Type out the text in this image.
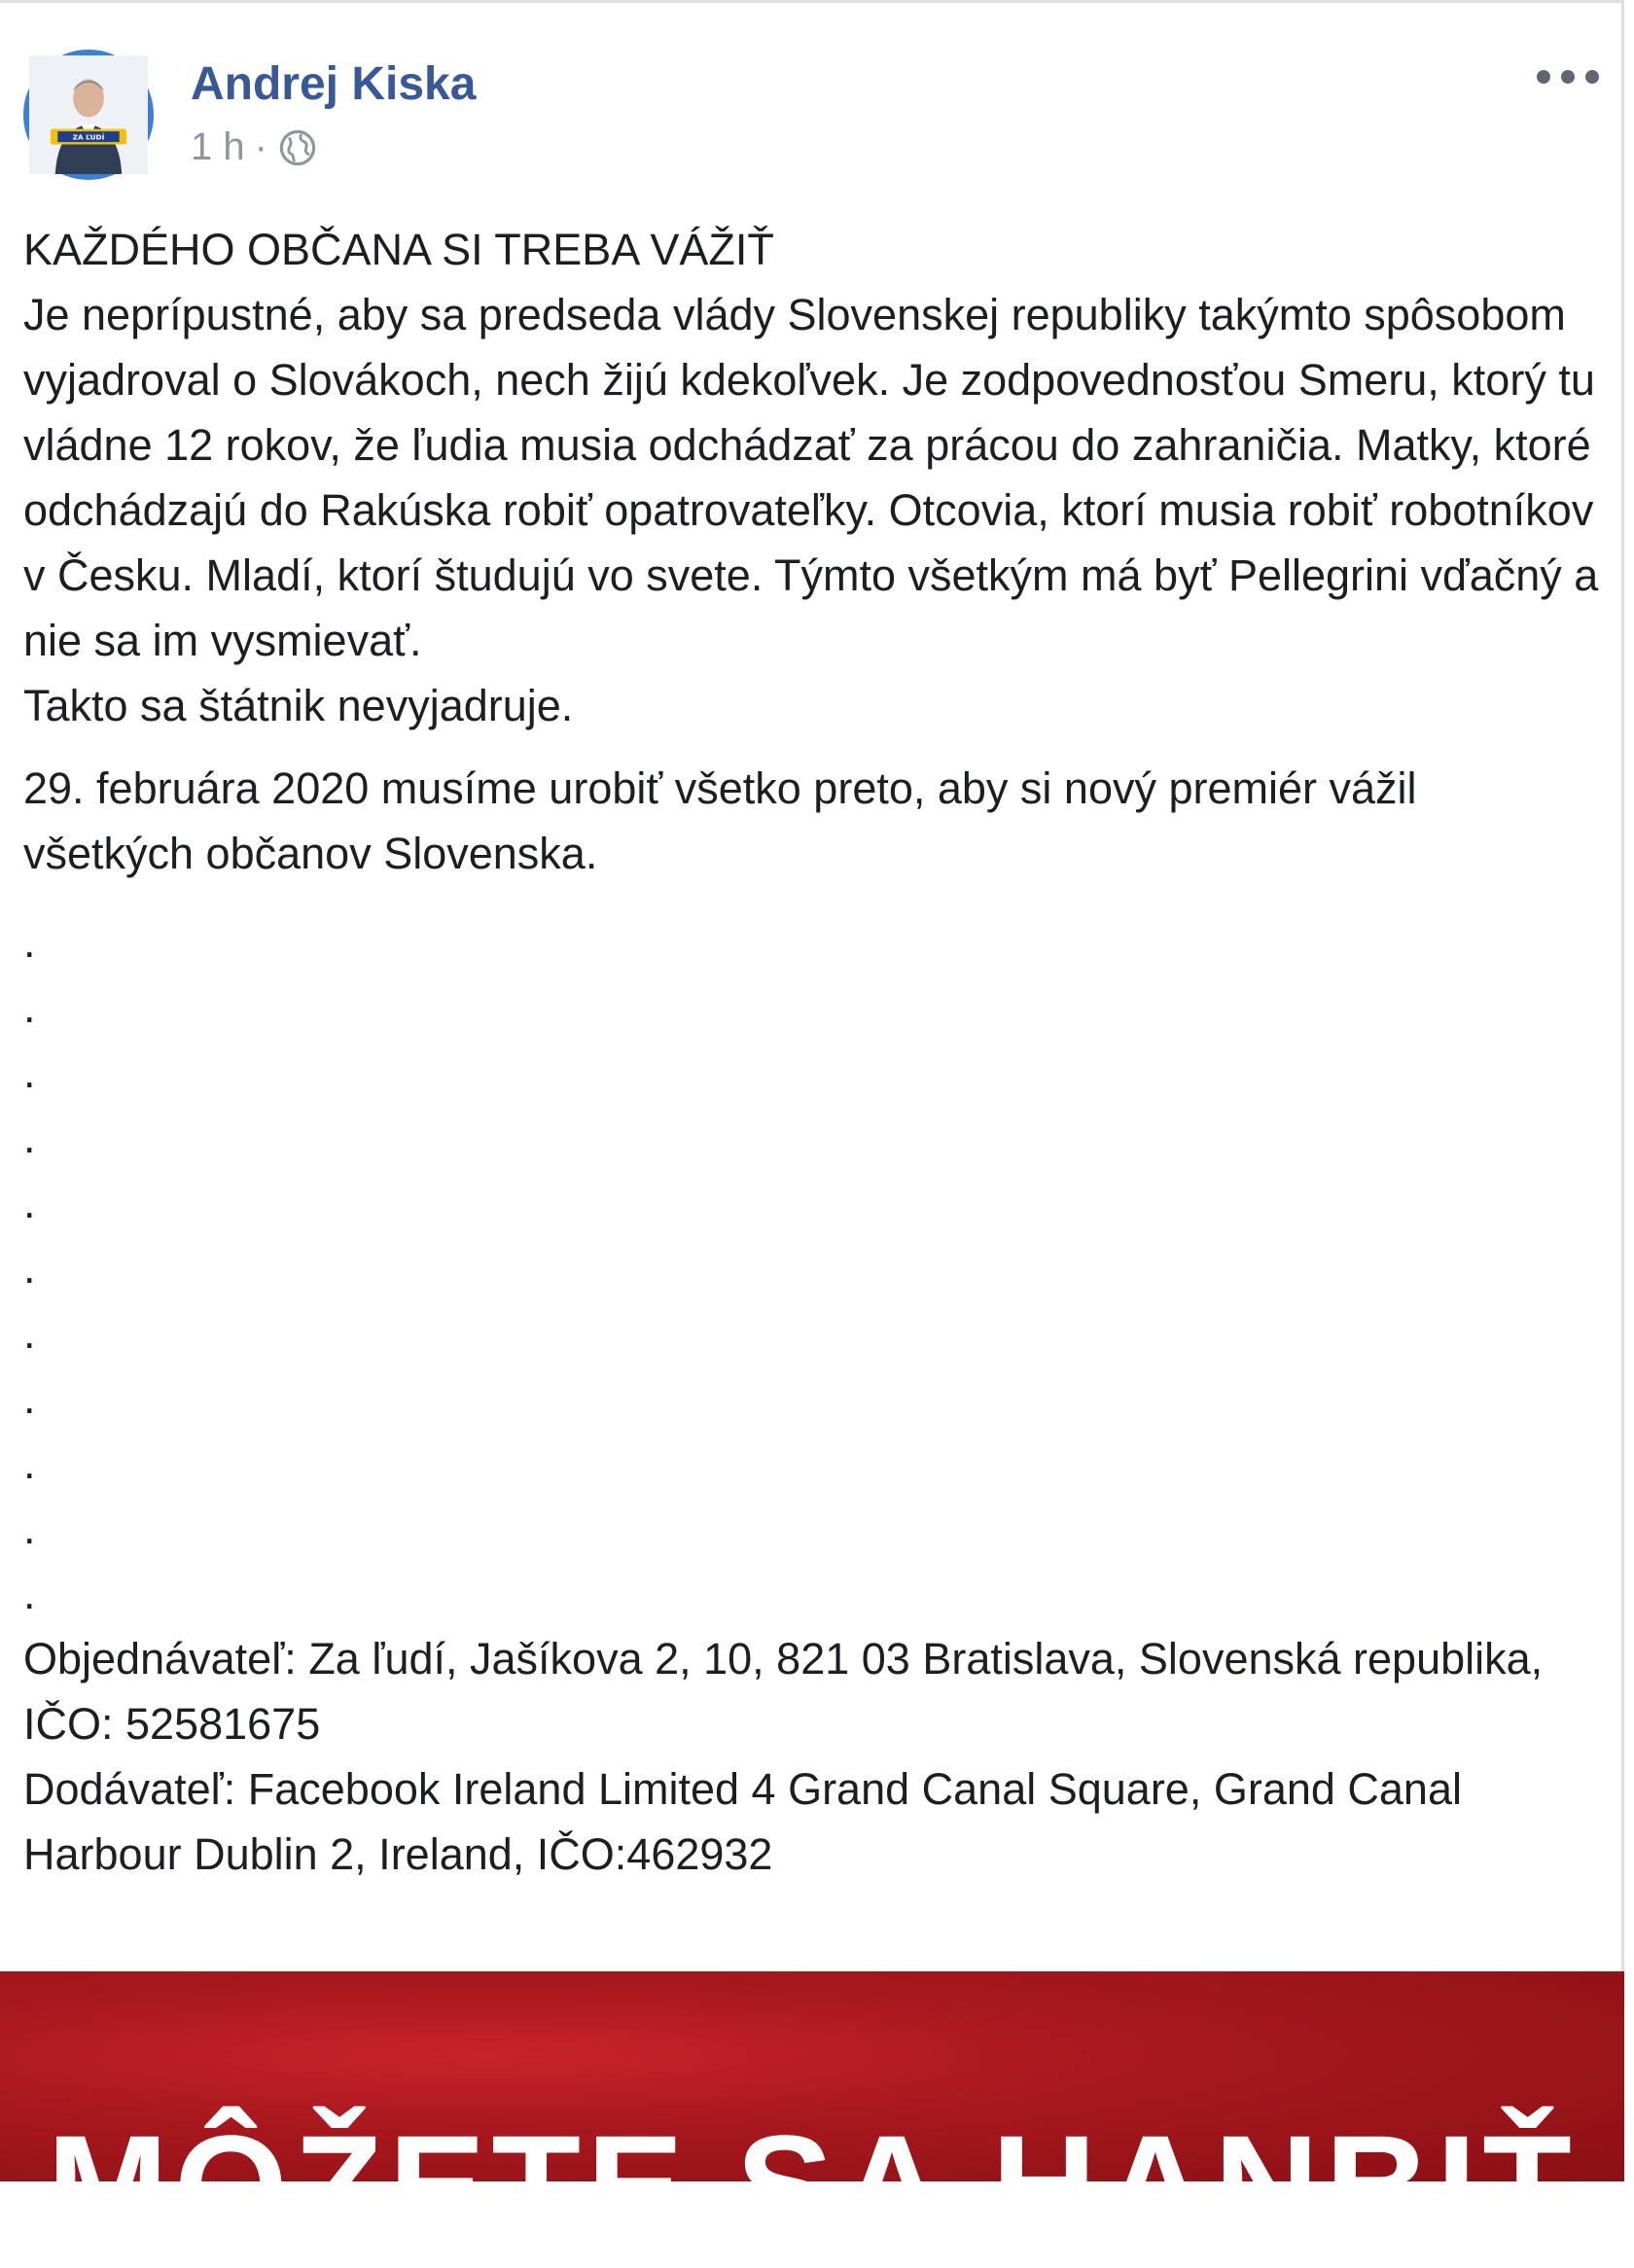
ZA ĽUDÍ
Andrej Kiska
1 h ·

KAŽDÉHO OBČANA SI TREBA VÁŽIŤ

Je neprípustné, aby sa predseda vlády Slovenskej republiky takýmto spôsobom vyjadroval o Slovákoch, nech žijú kdekoľvek. Je zodpovednosťou Smeru, ktorý tu vládne 12 rokov, že ľudia musia odchádzať za prácou do zahraničia. Matky, ktoré odchádzajú do Rakúska robiť opatrovateľky. Otcovia, ktorí musia robiť robotníkov v Česku. Mladí, ktorí študujú vo svete. Týmto všetkým má byť Pellegrini vďačný a nie sa im vysmievať.

Takto sa štátnik nevyjadruje.

29. februára 2020 musíme urobiť všetko preto, aby si nový premiér vážil všetkých občanov Slovenska.

.
.
.
.
.
.
.
.
.
.
.

Objednávateľ: Za ľudí, Jašíkova 2, 10, 821 03 Bratislava, Slovenská republika, IČO: 52581675

Dodávateľ: Facebook Ireland Limited 4 Grand Canal Square, Grand Canal Harbour Dublin 2, Ireland, IČO:462932

MÔŽETE SA HANBIŤ
